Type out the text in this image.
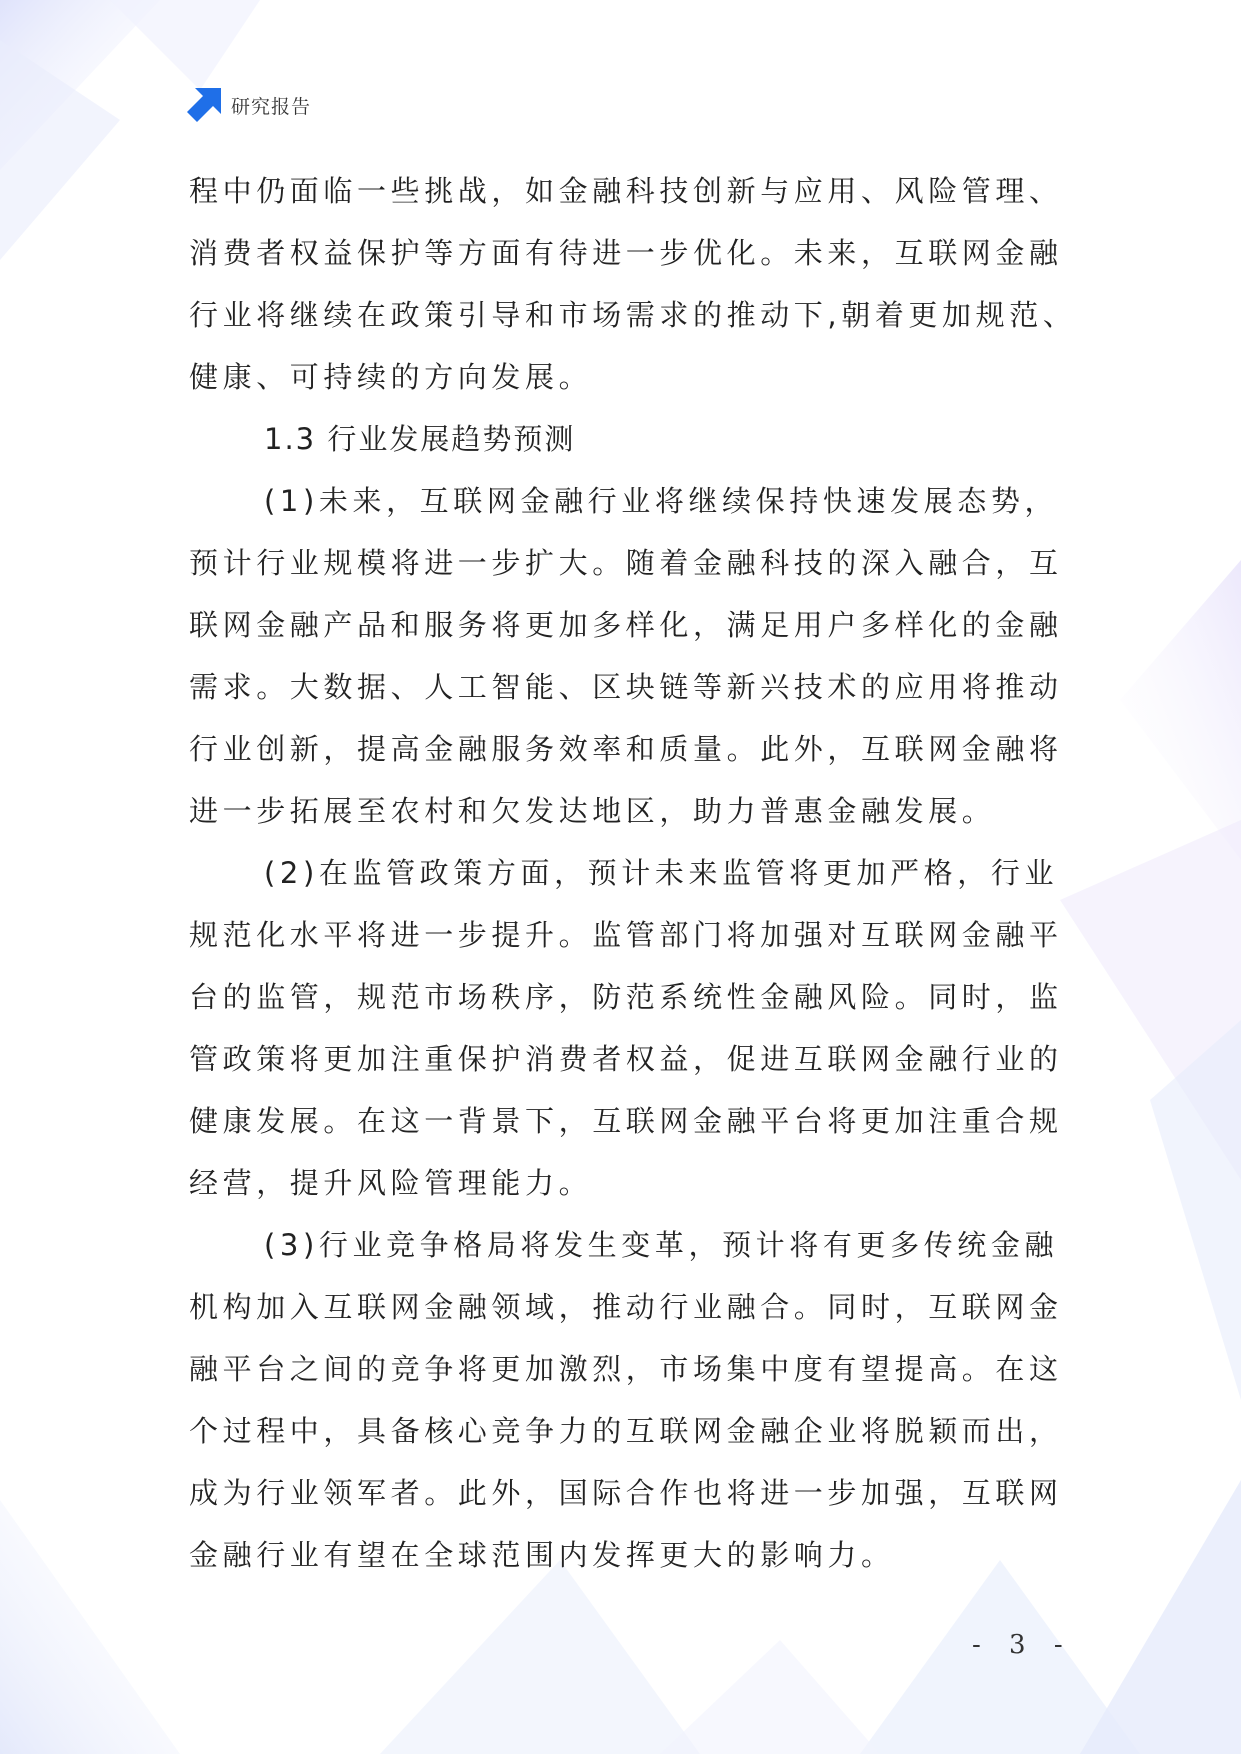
研究报告
程中仍面临一些挑战，如金融科技创新与应用、风险管理、
消费者权益保护等方面有待进一步优化。未来，互联网金融
行业将继续在政策引导和市场需求的推动下,朝着更加规范、
健康、可持续的方向发展。
1.3 行业发展趋势预测
(1)未来，互联网金融行业将继续保持快速发展态势，
预计行业规模将进一步扩大。随着金融科技的深入融合，互
联网金融产品和服务将更加多样化，满足用户多样化的金融
需求。大数据、人工智能、区块链等新兴技术的应用将推动
行业创新，提高金融服务效率和质量。此外，互联网金融将
进一步拓展至农村和欠发达地区，助力普惠金融发展。
(2)在监管政策方面，预计未来监管将更加严格，行业
规范化水平将进一步提升。监管部门将加强对互联网金融平
台的监管，规范市场秩序，防范系统性金融风险。同时，监
管政策将更加注重保护消费者权益，促进互联网金融行业的
健康发展。在这一背景下，互联网金融平台将更加注重合规
经营，提升风险管理能力。
(3)行业竞争格局将发生变革，预计将有更多传统金融
机构加入互联网金融领域，推动行业融合。同时，互联网金
融平台之间的竞争将更加激烈，市场集中度有望提高。在这
个过程中，具备核心竞争力的互联网金融企业将脱颖而出，
成为行业领军者。此外，国际合作也将进一步加强，互联网
金融行业有望在全球范围内发挥更大的影响力。
- 3 -
